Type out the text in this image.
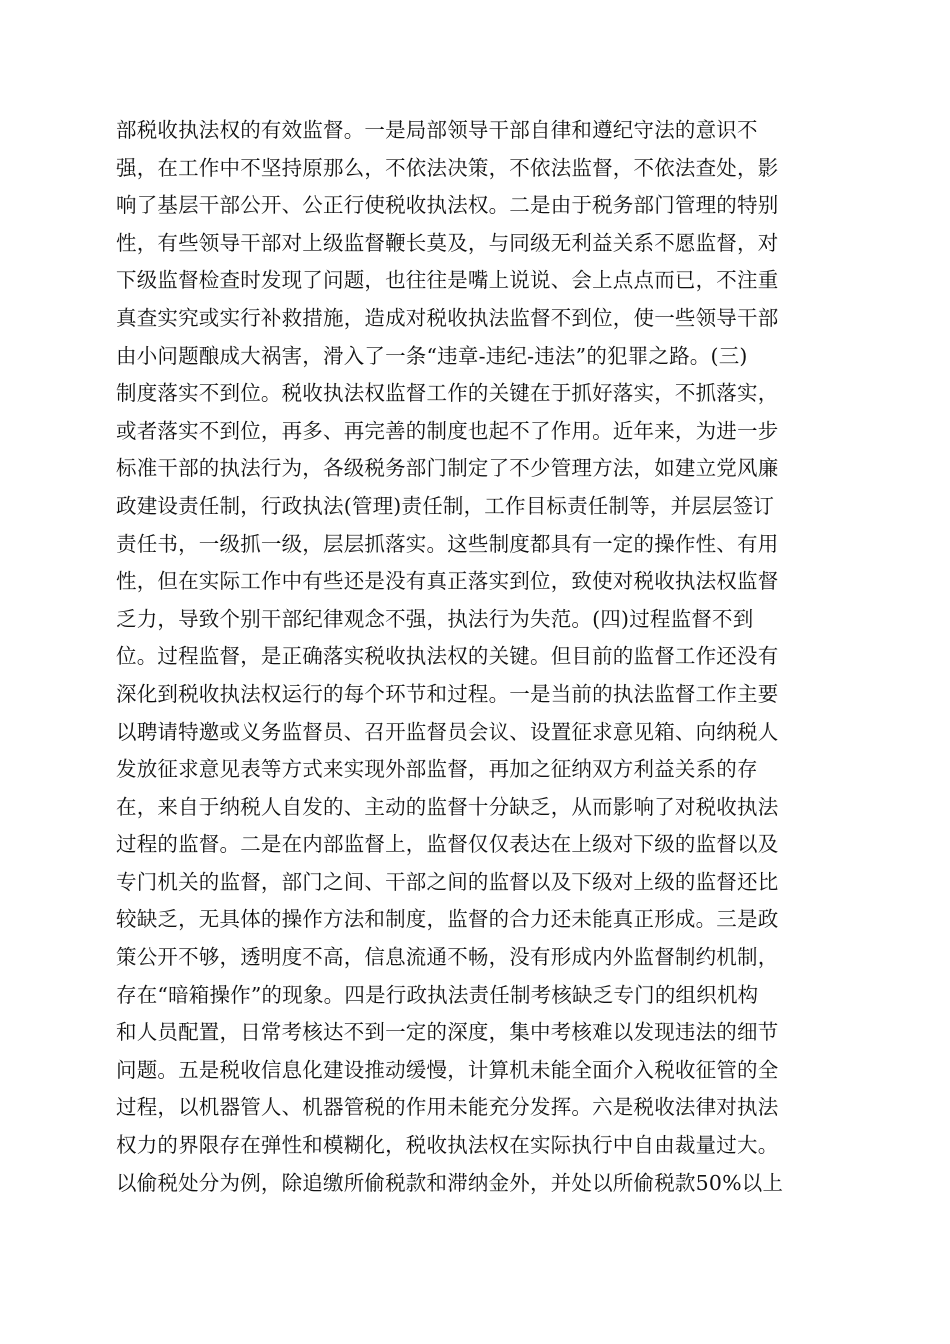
部税收执法权的有效监督。一是局部领导干部自律和遵纪守法的意识不
强，在工作中不坚持原那么，不依法决策，不依法监督，不依法查处，影
响了基层干部公开、公正行使税收执法权。二是由于税务部门管理的特别
性，有些领导干部对上级监督鞭长莫及，与同级无利益关系不愿监督，对
下级监督检查时发现了问题，也往往是嘴上说说、会上点点而已，不注重
真查实究或实行补救措施，造成对税收执法监督不到位，使一些领导干部
由小问题酿成大祸害，滑入了一条“违章-违纪-违法”的犯罪之路。(三)
制度落实不到位。税收执法权监督工作的关键在于抓好落实，不抓落实，
或者落实不到位，再多、再完善的制度也起不了作用。近年来，为进一步
标准干部的执法行为，各级税务部门制定了不少管理方法，如建立党风廉
政建设责任制，行政执法(管理)责任制，工作目标责任制等，并层层签订
责任书，一级抓一级，层层抓落实。这些制度都具有一定的操作性、有用
性，但在实际工作中有些还是没有真正落实到位，致使对税收执法权监督
乏力，导致个别干部纪律观念不强，执法行为失范。(四)过程监督不到
位。过程监督，是正确落实税收执法权的关键。但目前的监督工作还没有
深化到税收执法权运行的每个环节和过程。一是当前的执法监督工作主要
以聘请特邀或义务监督员、召开监督员会议、设置征求意见箱、向纳税人
发放征求意见表等方式来实现外部监督，再加之征纳双方利益关系的存
在，来自于纳税人自发的、主动的监督十分缺乏，从而影响了对税收执法
过程的监督。二是在内部监督上，监督仅仅表达在上级对下级的监督以及
专门机关的监督，部门之间、干部之间的监督以及下级对上级的监督还比
较缺乏，无具体的操作方法和制度，监督的合力还未能真正形成。三是政
策公开不够，透明度不高，信息流通不畅，没有形成内外监督制约机制，
存在“暗箱操作”的现象。四是行政执法责任制考核缺乏专门的组织机构
和人员配置，日常考核达不到一定的深度，集中考核难以发现违法的细节
问题。五是税收信息化建设推动缓慢，计算机未能全面介入税收征管的全
过程，以机器管人、机器管税的作用未能充分发挥。六是税收法律对执法
权力的界限存在弹性和模糊化，税收执法权在实际执行中自由裁量过大。
以偷税处分为例，除追缴所偷税款和滞纳金外，并处以所偷税款50%以上
